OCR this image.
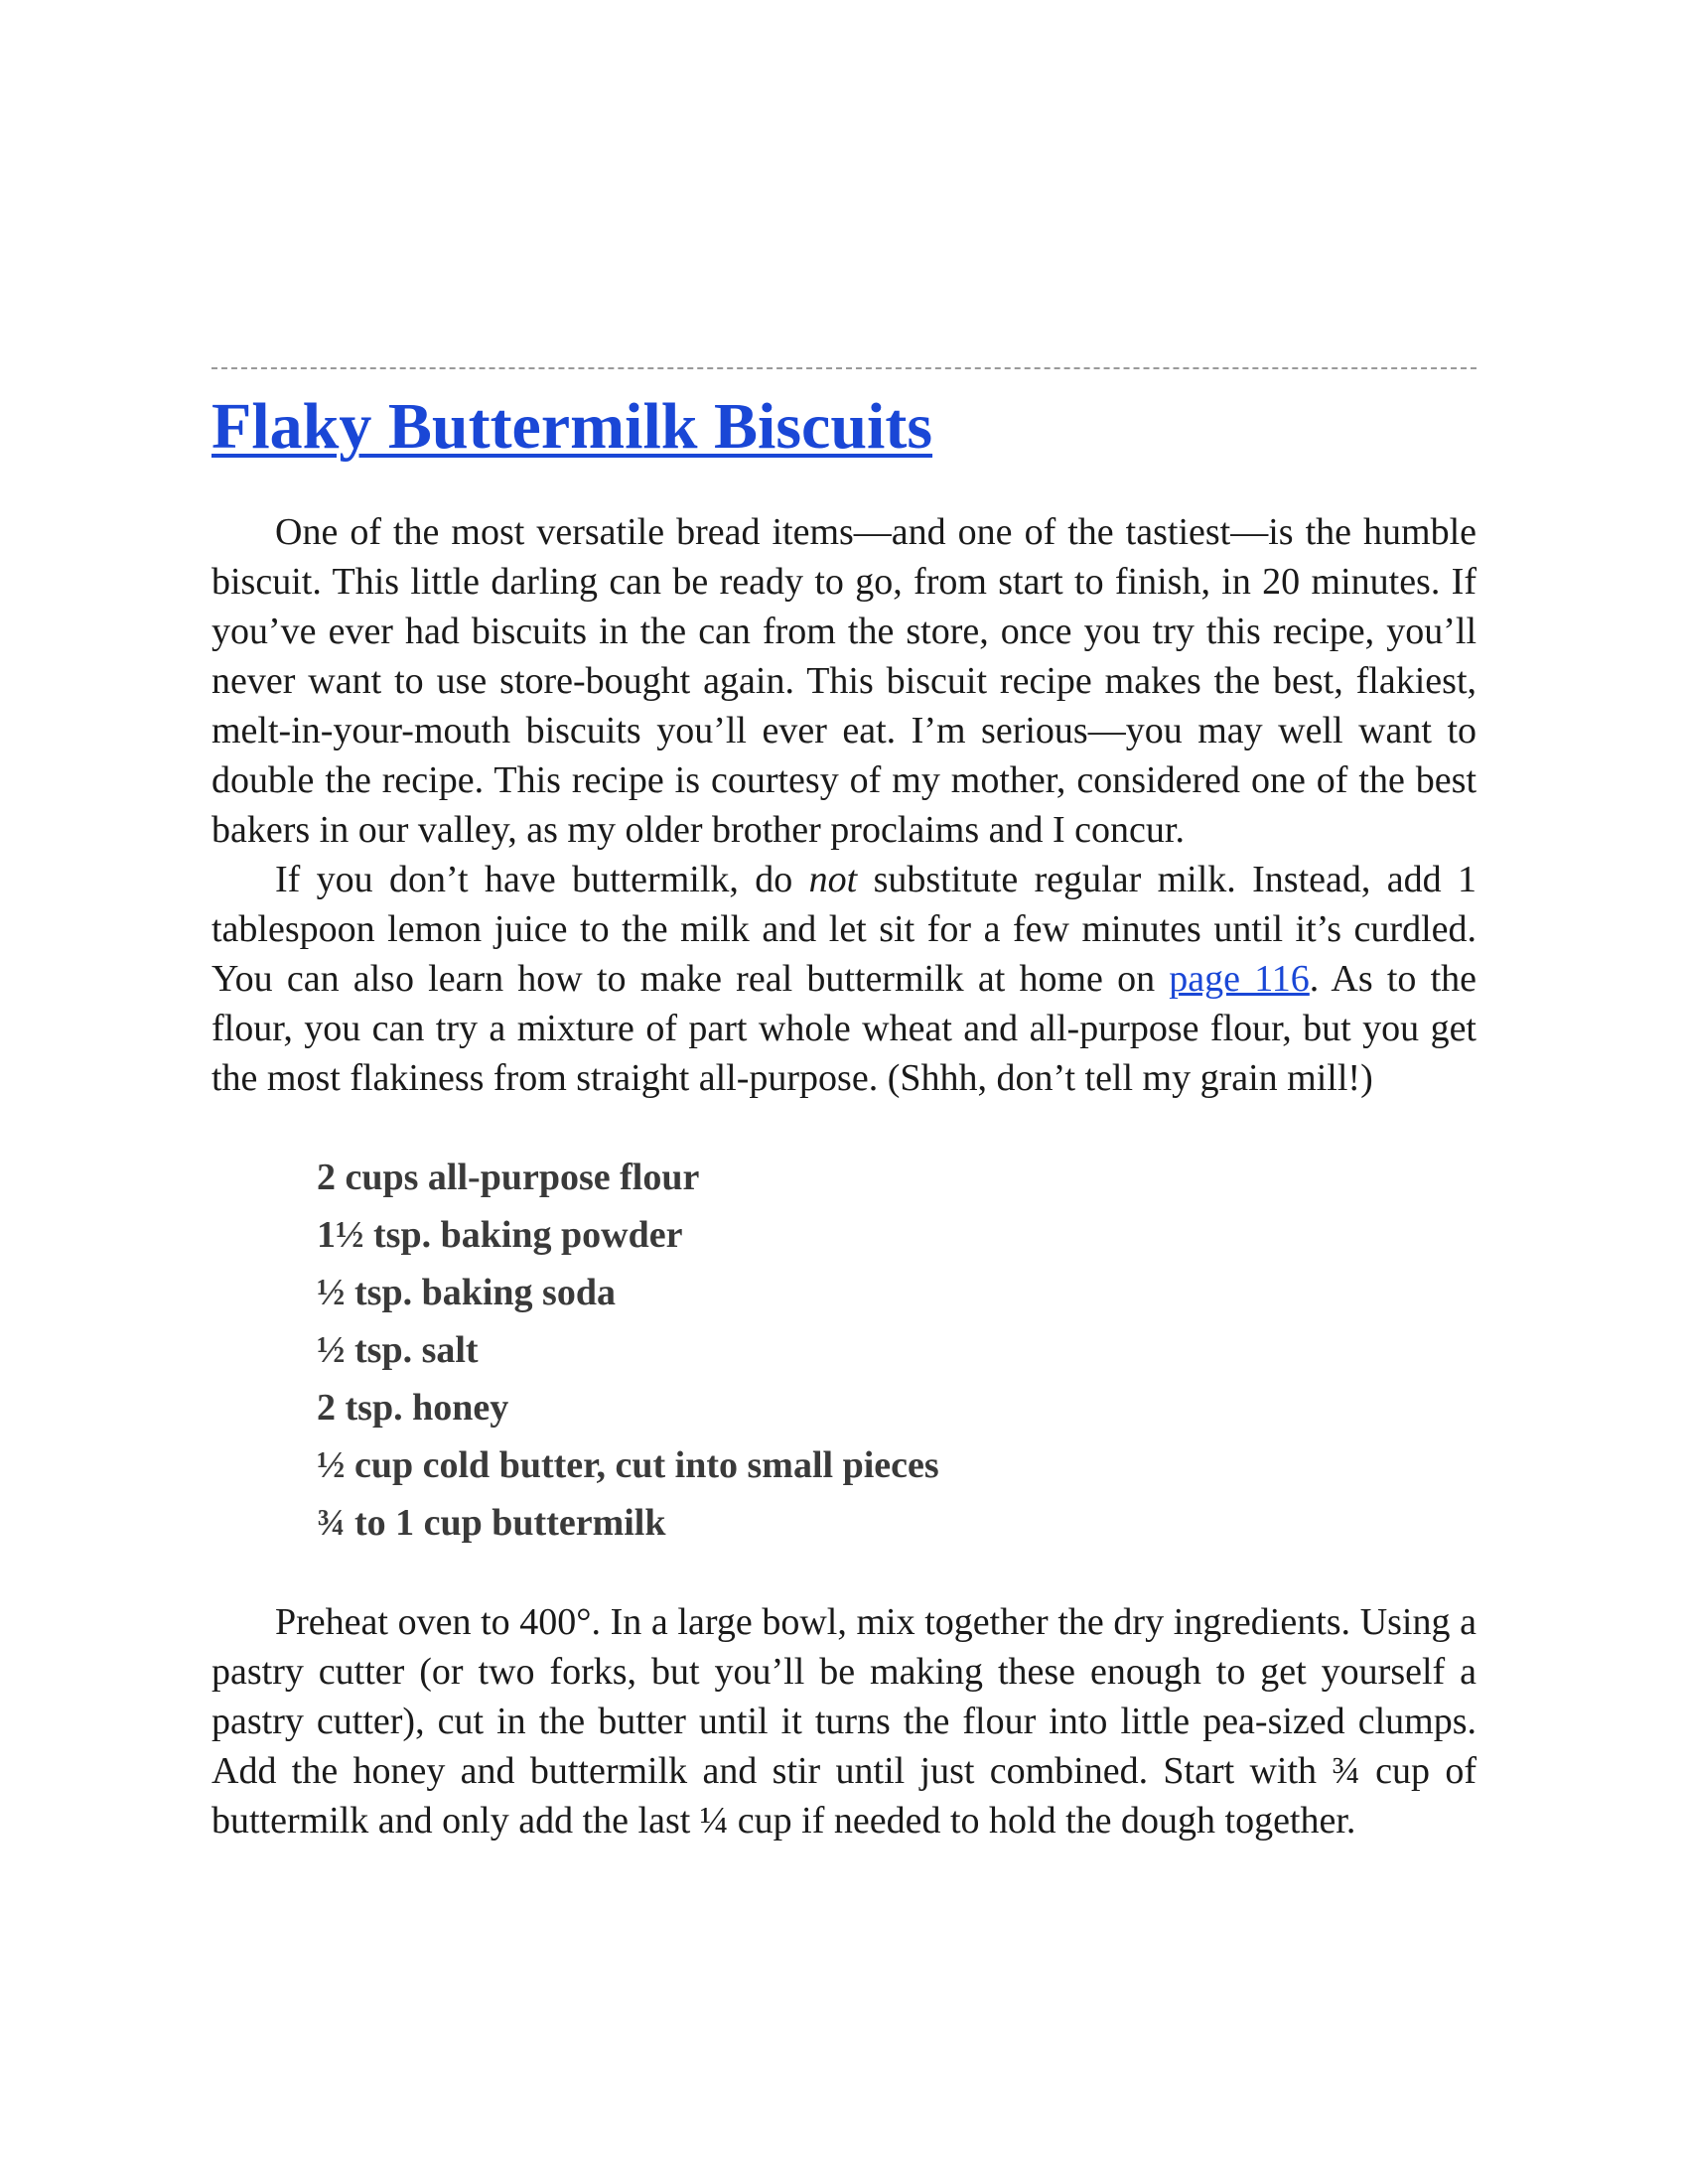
Flaky Buttermilk Biscuits

One of the most versatile bread items—and one of the tastiest—is the humble biscuit. This little darling can be ready to go, from start to finish, in 20 minutes. If you’ve ever had biscuits in the can from the store, once you try this recipe, you’ll never want to use store-bought again. This biscuit recipe makes the best, flakiest, melt-in-your-mouth biscuits you’ll ever eat. I’m serious—you may well want to double the recipe. This recipe is courtesy of my mother, considered one of the best bakers in our valley, as my older brother proclaims and I concur.

If you don’t have buttermilk, do not substitute regular milk. Instead, add 1 tablespoon lemon juice to the milk and let sit for a few minutes until it’s curdled. You can also learn how to make real buttermilk at home on page 116. As to the flour, you can try a mixture of part whole wheat and all-purpose flour, but you get the most flakiness from straight all-purpose. (Shhh, don’t tell my grain mill!)

2 cups all-purpose flour
1½ tsp. baking powder
½ tsp. baking soda
½ tsp. salt
2 tsp. honey
½ cup cold butter, cut into small pieces
¾ to 1 cup buttermilk

Preheat oven to 400°. In a large bowl, mix together the dry ingredients. Using a pastry cutter (or two forks, but you’ll be making these enough to get yourself a pastry cutter), cut in the butter until it turns the flour into little pea-sized clumps. Add the honey and buttermilk and stir until just combined. Start with ¾ cup of buttermilk and only add the last ¼ cup if needed to hold the dough together.
